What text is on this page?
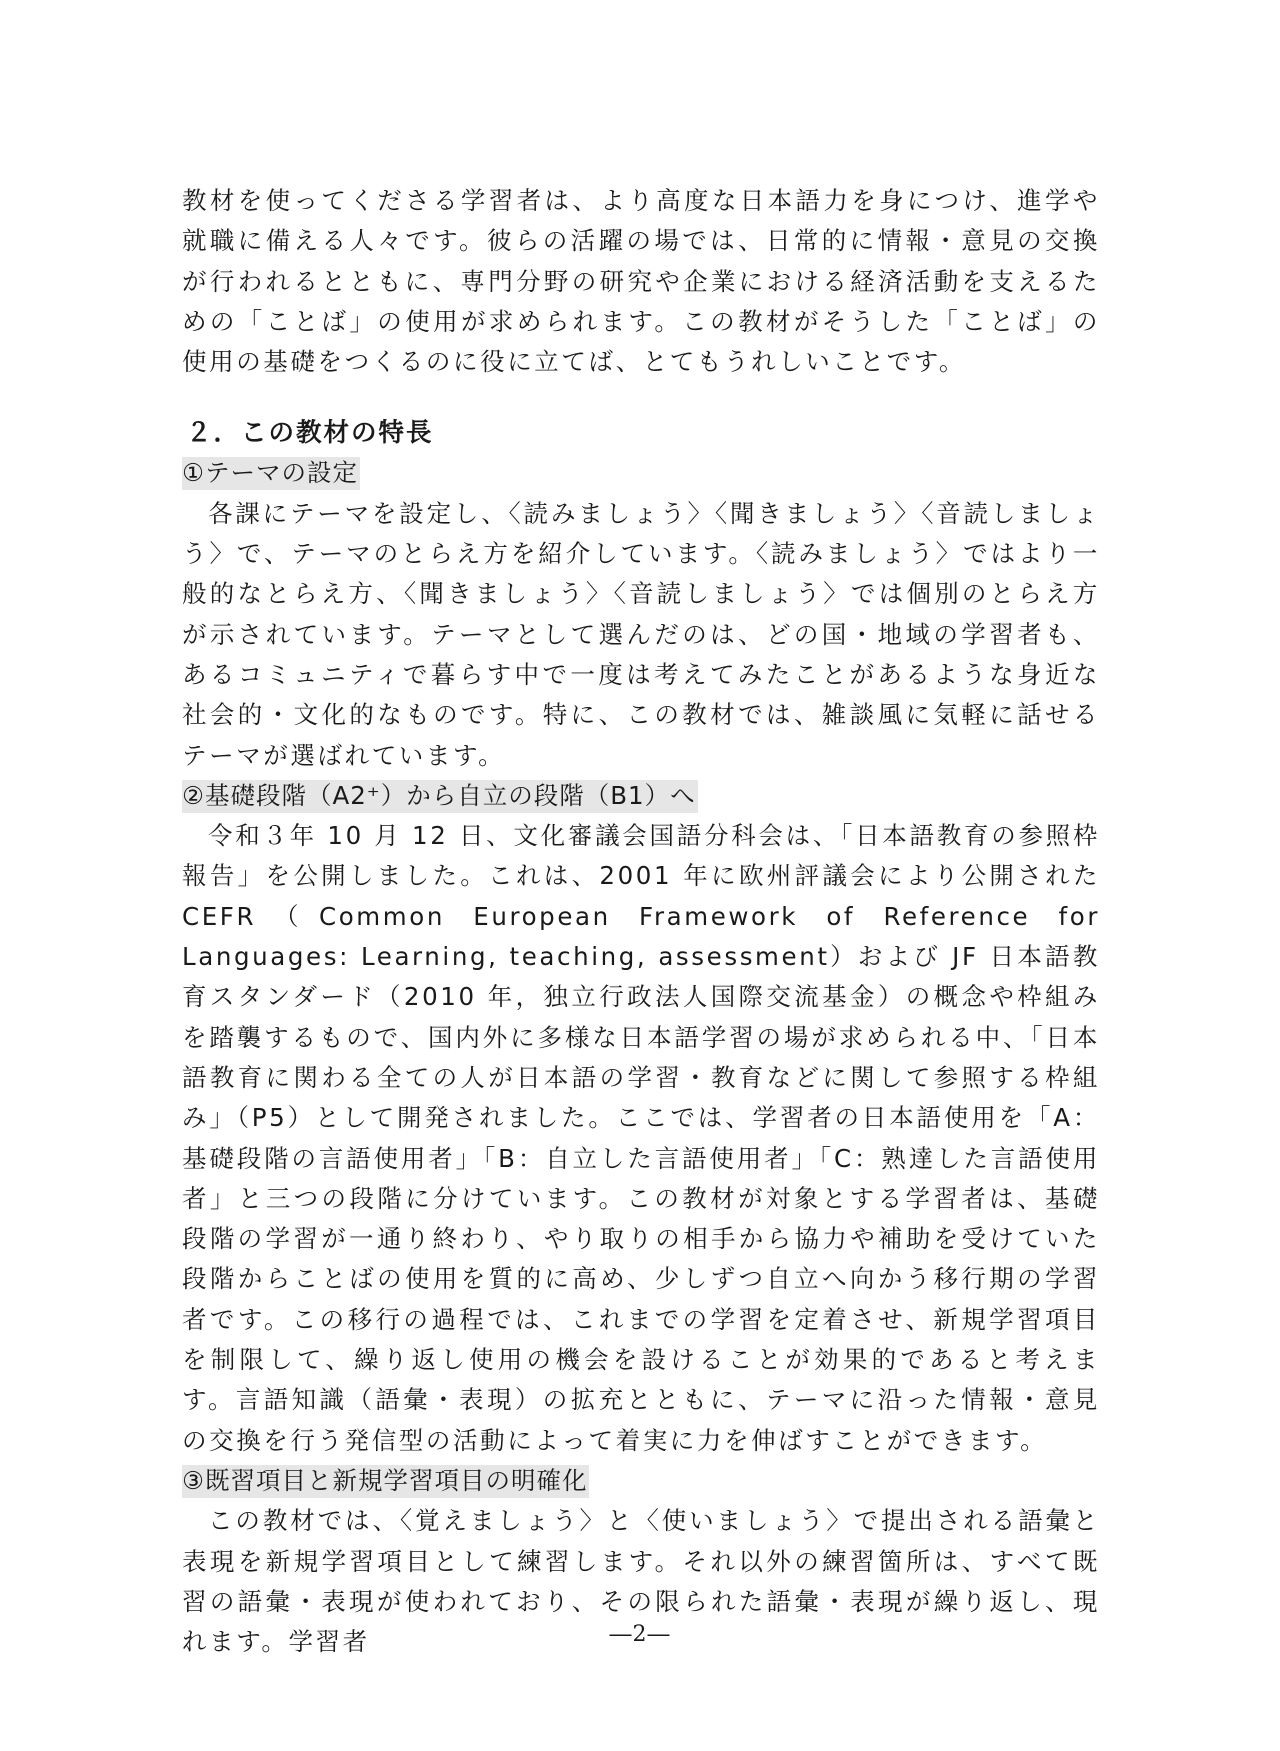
教材を使ってくださる学習者は、より高度な日本語力を身につけ、進学や就職に備える人々です。彼らの活躍の場では、日常的に情報・意見の交換が行われるとともに、専門分野の研究や企業における経済活動を支えるための「ことば」の使用が求められます。この教材がそうした「ことば」の使用の基礎をつくるのに役に立てば、とてもうれしいことです。

２．この教材の特長

①テーマの設定

各課にテーマを設定し、〈読みましょう〉〈聞きましょう〉〈音読しましょう〉で、テーマのとらえ方を紹介しています。〈読みましょう〉ではより一般的なとらえ方、〈聞きましょう〉〈音読しましょう〉では個別のとらえ方が示されています。テーマとして選んだのは、どの国・地域の学習者も、あるコミュニティで暮らす中で一度は考えてみたことがあるような身近な社会的・文化的なものです。特に、この教材では、雑談風に気軽に話せるテーマが選ばれています。

②基礎段階（A2⁺）から自立の段階（B1）へ

令和３年 10 月 12 日、文化審議会国語分科会は、「日本語教育の参照枠　報告」を公開しました。これは、2001 年に欧州評議会により公開された CEFR（Common European Framework of Reference for Languages: Learning, teaching, assessment）および JF 日本語教育スタンダード（2010 年，独立行政法人国際交流基金）の概念や枠組みを踏襲するもので、国内外に多様な日本語学習の場が求められる中、「日本語教育に関わる全ての人が日本語の学習・教育などに関して参照する枠組み」（P5）として開発されました。ここでは、学習者の日本語使用を「A：基礎段階の言語使用者」「B：自立した言語使用者」「C：熟達した言語使用者」と三つの段階に分けています。この教材が対象とする学習者は、基礎段階の学習が一通り終わり、やり取りの相手から協力や補助を受けていた段階からことばの使用を質的に高め、少しずつ自立へ向かう移行期の学習者です。この移行の過程では、これまでの学習を定着させ、新規学習項目を制限して、繰り返し使用の機会を設けることが効果的であると考えます。言語知識（語彙・表現）の拡充とともに、テーマに沿った情報・意見の交換を行う発信型の活動によって着実に力を伸ばすことができます。

③既習項目と新規学習項目の明確化

この教材では、〈覚えましょう〉と〈使いましょう〉で提出される語彙と表現を新規学習項目として練習します。それ以外の練習箇所は、すべて既習の語彙・表現が使われており、その限られた語彙・表現が繰り返し、現れます。学習者	―2―
